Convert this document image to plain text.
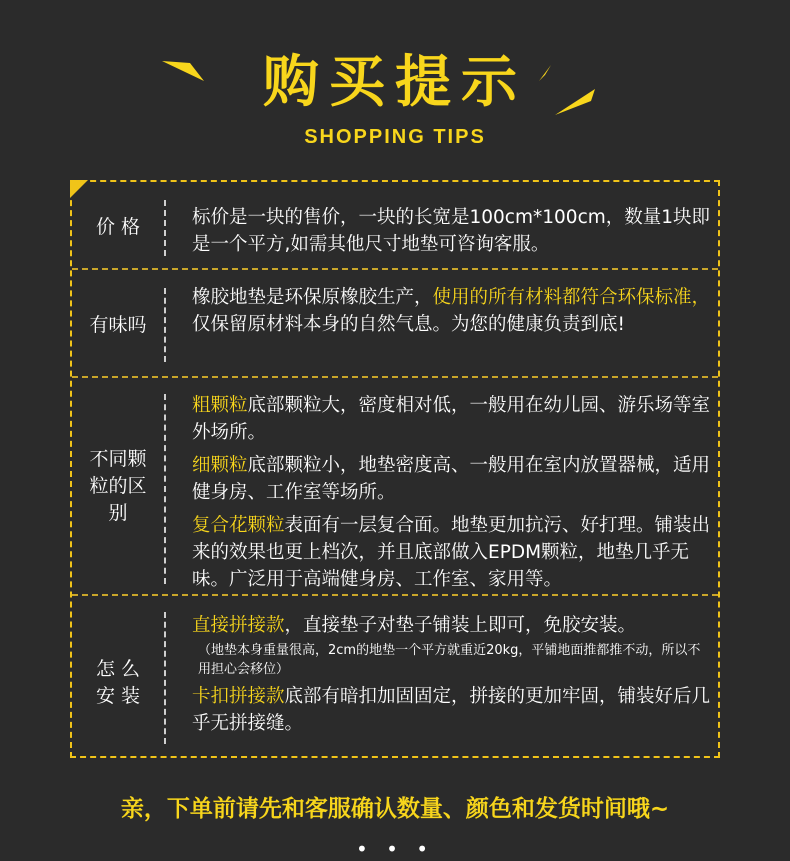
购买提示
SHOPPING TIPS
价 格	标价是一块的售价，一块的长宽是100cm*100cm，数量1块即是一个平方,如需其他尺寸地垫可咨询客服。

有味吗

橡胶地垫是环保原橡胶生产，使用的所有材料都符合环保标准，仅保留原材料本身的自然气息。为您的健康负责到底!

不同颗
粒的区
别

粗颗粒底部颗粒大，密度相对低，一般用在幼儿园、游乐场等室外场所。

细颗粒底部颗粒小，地垫密度高、一般用在室内放置器械，适用健身房、工作室等场所。

复合花颗粒表面有一层复合面。地垫更加抗污、好打理。铺装出来的效果也更上档次，并且底部做入EPDM颗粒，地垫几乎无味。广泛用于高端健身房、工作室、家用等。

怎 么
安 装

直接拼接款，直接垫子对垫子铺装上即可，免胶安装。

（地垫本身重量很高，2cm的地垫一个平方就重近20kg，平铺地面推都推不动，所以不用担心会移位）

卡扣拼接款底部有暗扣加固固定，拼接的更加牢固，铺装好后几乎无拼接缝。

亲，下单前请先和客服确认数量、颜色和发货时间哦~
• • •
